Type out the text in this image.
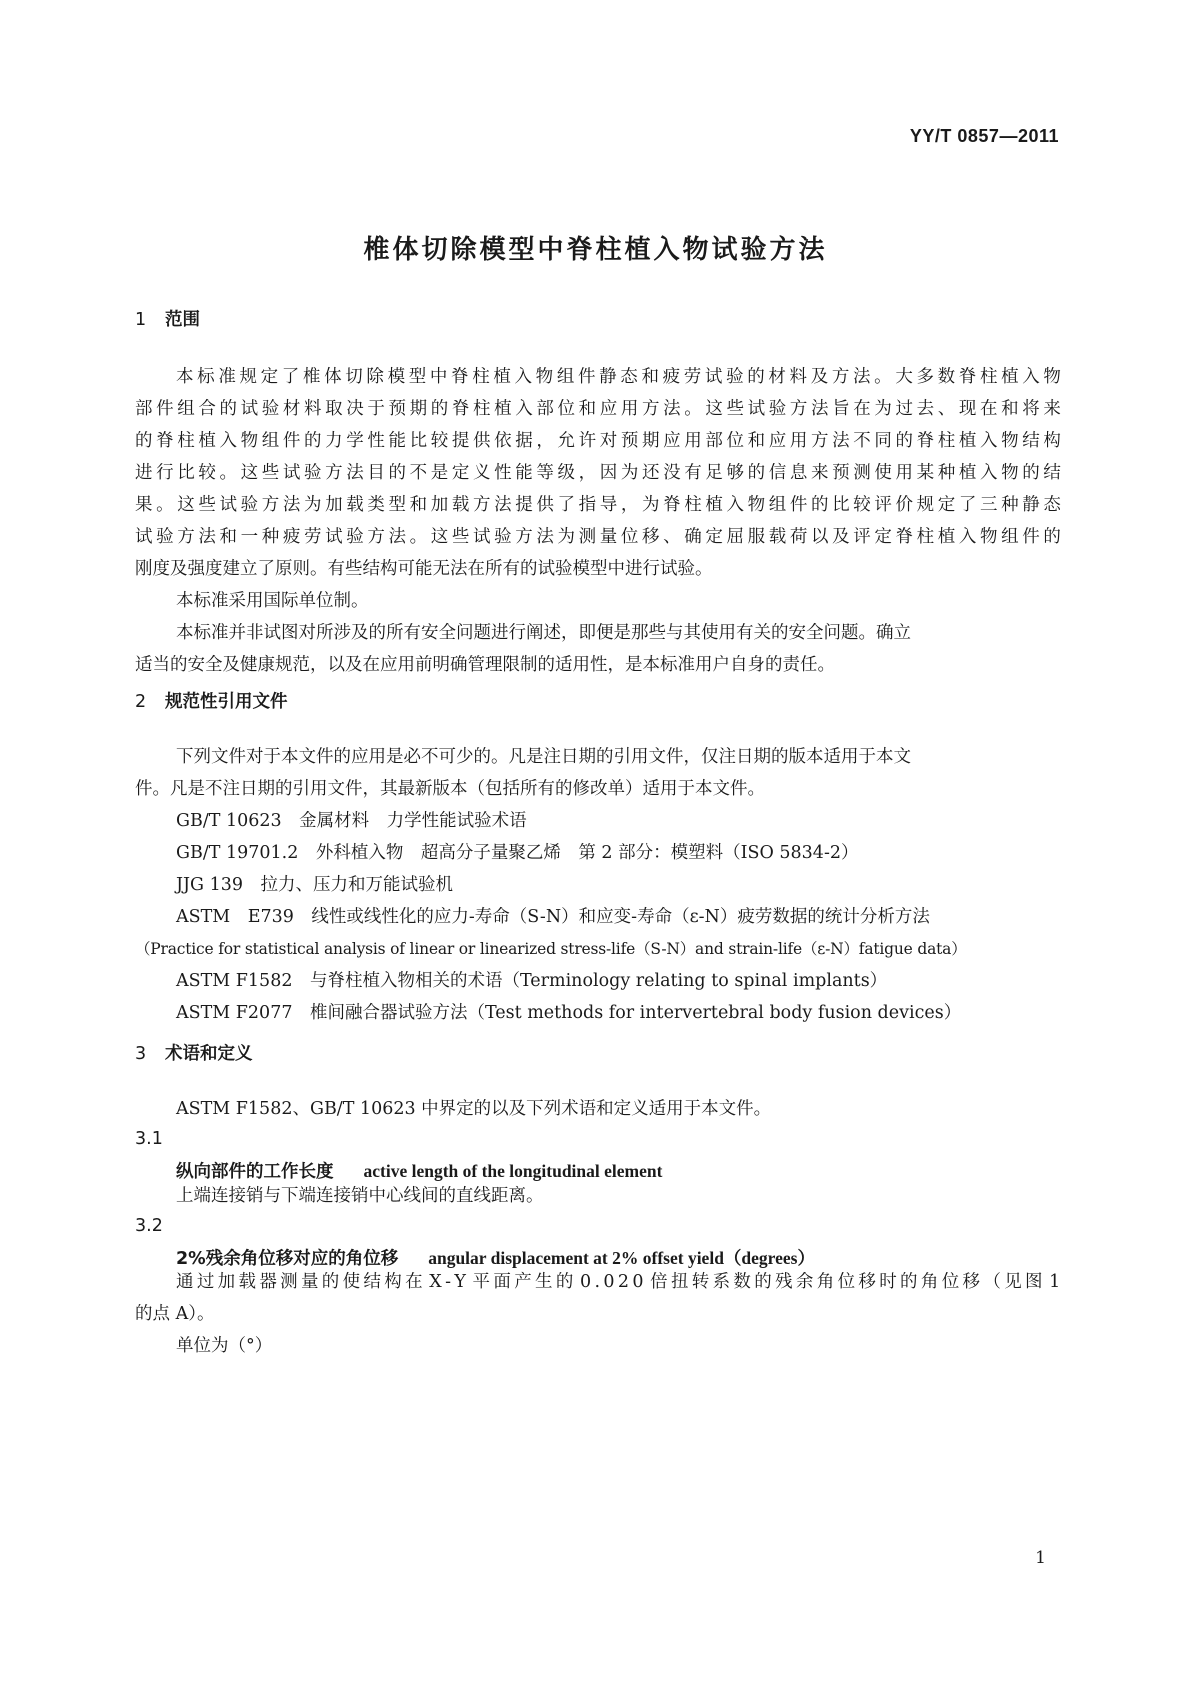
YY/T 0857—2011
椎体切除模型中脊柱植入物试验方法
1 范围
本 标 准 规 定 了 椎 体 切 除 模 型 中 脊 柱 植 入 物 组 件 静 态 和 疲 劳 试 验 的 材 料 及 方 法 。 大 多 数 脊 柱 植 入 物
部 件 组 合 的 试 验 材 料 取 决 于 预 期 的 脊 柱 植 入 部 位 和 应 用 方 法 。 这 些 试 验 方 法 旨 在 为 过 去 、 现 在 和 将 来
的 脊 柱 植 入 物 组 件 的 力 学 性 能 比 较 提 供 依 据 ， 允 许 对 预 期 应 用 部 位 和 应 用 方 法 不 同 的 脊 柱 植 入 物 结 构
进 行 比 较 。 这 些 试 验 方 法 目 的 不 是 定 义 性 能 等 级 ， 因 为 还 没 有 足 够 的 信 息 来 预 测 使 用 某 种 植 入 物 的 结
果 。 这 些 试 验 方 法 为 加 载 类 型 和 加 载 方 法 提 供 了 指 导 ， 为 脊 柱 植 入 物 组 件 的 比 较 评 价 规 定 了 三 种 静 态
试 验 方 法 和 一 种 疲 劳 试 验 方 法 。 这 些 试 验 方 法 为 测 量 位 移 、 确 定 屈 服 载 荷 以 及 评 定 脊 柱 植 入 物 组 件 的
刚度及强度建立了原则。有些结构可能无法在所有的试验模型中进行试验。
本标准采用国际单位制。
本标准并非试图对所涉及的所有安全问题进行阐述，即便是那些与其使用有关的安全问题。确立
适当的安全及健康规范，以及在应用前明确管理限制的适用性，是本标准用户自身的责任。
2 规范性引用文件
下列文件对于本文件的应用是必不可少的。凡是注日期的引用文件，仅注日期的版本适用于本文
件。凡是不注日期的引用文件，其最新版本（包括所有的修改单）适用于本文件。
GB/T 10623　金属材料　力学性能试验术语
GB/T 19701.2　外科植入物　超高分子量聚乙烯　第 2 部分：模塑料（ISO 5834-2）
JJG 139　拉力、压力和万能试验机
ASTM　E739　线性或线性化的应力-寿命（S-N）和应变-寿命（ε-N）疲劳数据的统计分析方法
（Practice for statistical analysis of linear or linearized stress-life（S-N）and strain-life（ε-N）fatigue data）
ASTM F1582　与脊柱植入物相关的术语（Terminology relating to spinal implants）
ASTM F2077　椎间融合器试验方法（Test methods for intervertebral body fusion devices）
3 术语和定义
ASTM F1582、GB/T 10623 中界定的以及下列术语和定义适用于本文件。
3.1
纵向部件的工作长度 active length of the longitudinal element
上端连接销与下端连接销中心线间的直线距离。
3.2
2%残余角位移对应的角位移 angular displacement at 2% offset yield（degrees）
通 过 加 载 器 测 量 的 使 结 构 在 X - Y 平 面 产 生 的 0 . 0 2 0 倍 扭 转 系 数 的 残 余 角 位 移 时 的 角 位 移 （ 见 图 1
的点 A）。
单位为（°）
1
